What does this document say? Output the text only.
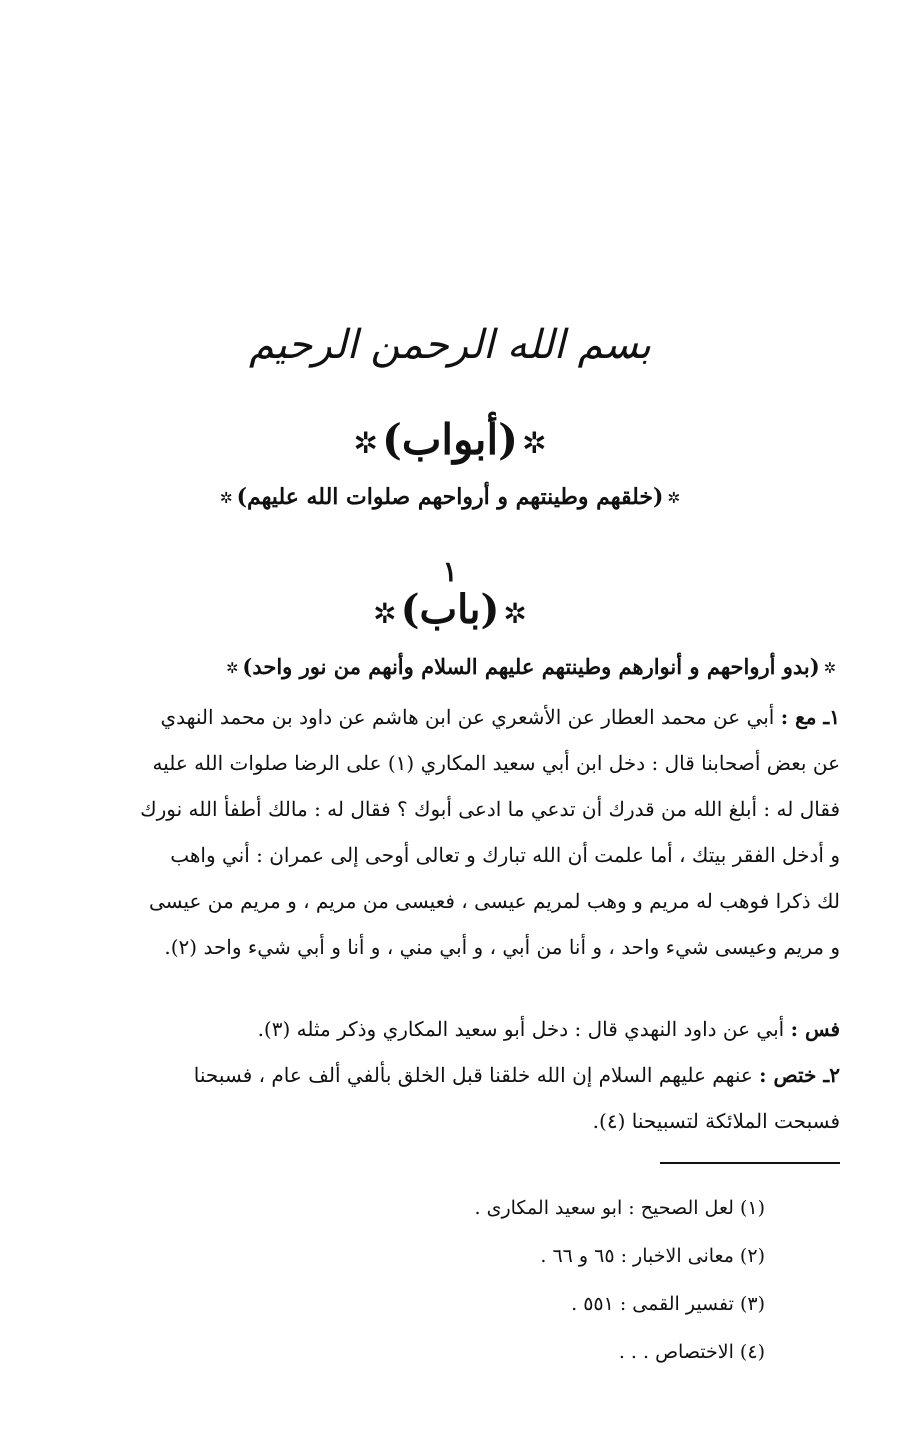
بسم الله الرحمن الرحيم
✲(أبواب)✲
✲(خلقهم وطينتهم و أرواحهم صلوات الله عليهم)✲
١
✲(باب)✲
✲(بدو أرواحهم و أنوارهم وطينتهم عليهم السلام وأنهم من نور واحد)✲
١ـ مع : أبي عن محمد العطار عن الأشعري عن ابن هاشم عن داود بن محمد النهدي
عن بعض أصحابنا قال : دخل ابن أبي سعيد المكاري (١) على الرضا صلوات الله عليه
فقال له : أبلغ الله من قدرك أن تدعي ما ادعى أبوك ؟ فقال له : مالك أطفأ الله نورك
و أدخل الفقر بيتك ، أما علمت أن الله تبارك و تعالى أوحى إلى عمران : أني واهب
لك ذكرا فوهب له مريم و وهب لمريم عيسى ، فعيسى من مريم ، و مريم من عيسى
و مريم وعيسى شيء واحد ، و أنا من أبي ، و أبي مني ، و أنا و أبي شيء واحد (٢).
فس : أبي عن داود النهدي قال : دخل أبو سعيد المكاري وذكر مثله (٣).
٢ـ ختص : عنهم عليهم السلام إن الله خلقنا قبل الخلق بألفي ألف عام ، فسبحنا
فسبحت الملائكة لتسبيحنا (٤).
(١) لعل الصحيح : ابو سعيد المكارى .
(٢) معانى الاخبار : ٦٥ و ٦٦ .
(٣) تفسير القمى : ٥٥١ .
(٤) الاختصاص . . .
